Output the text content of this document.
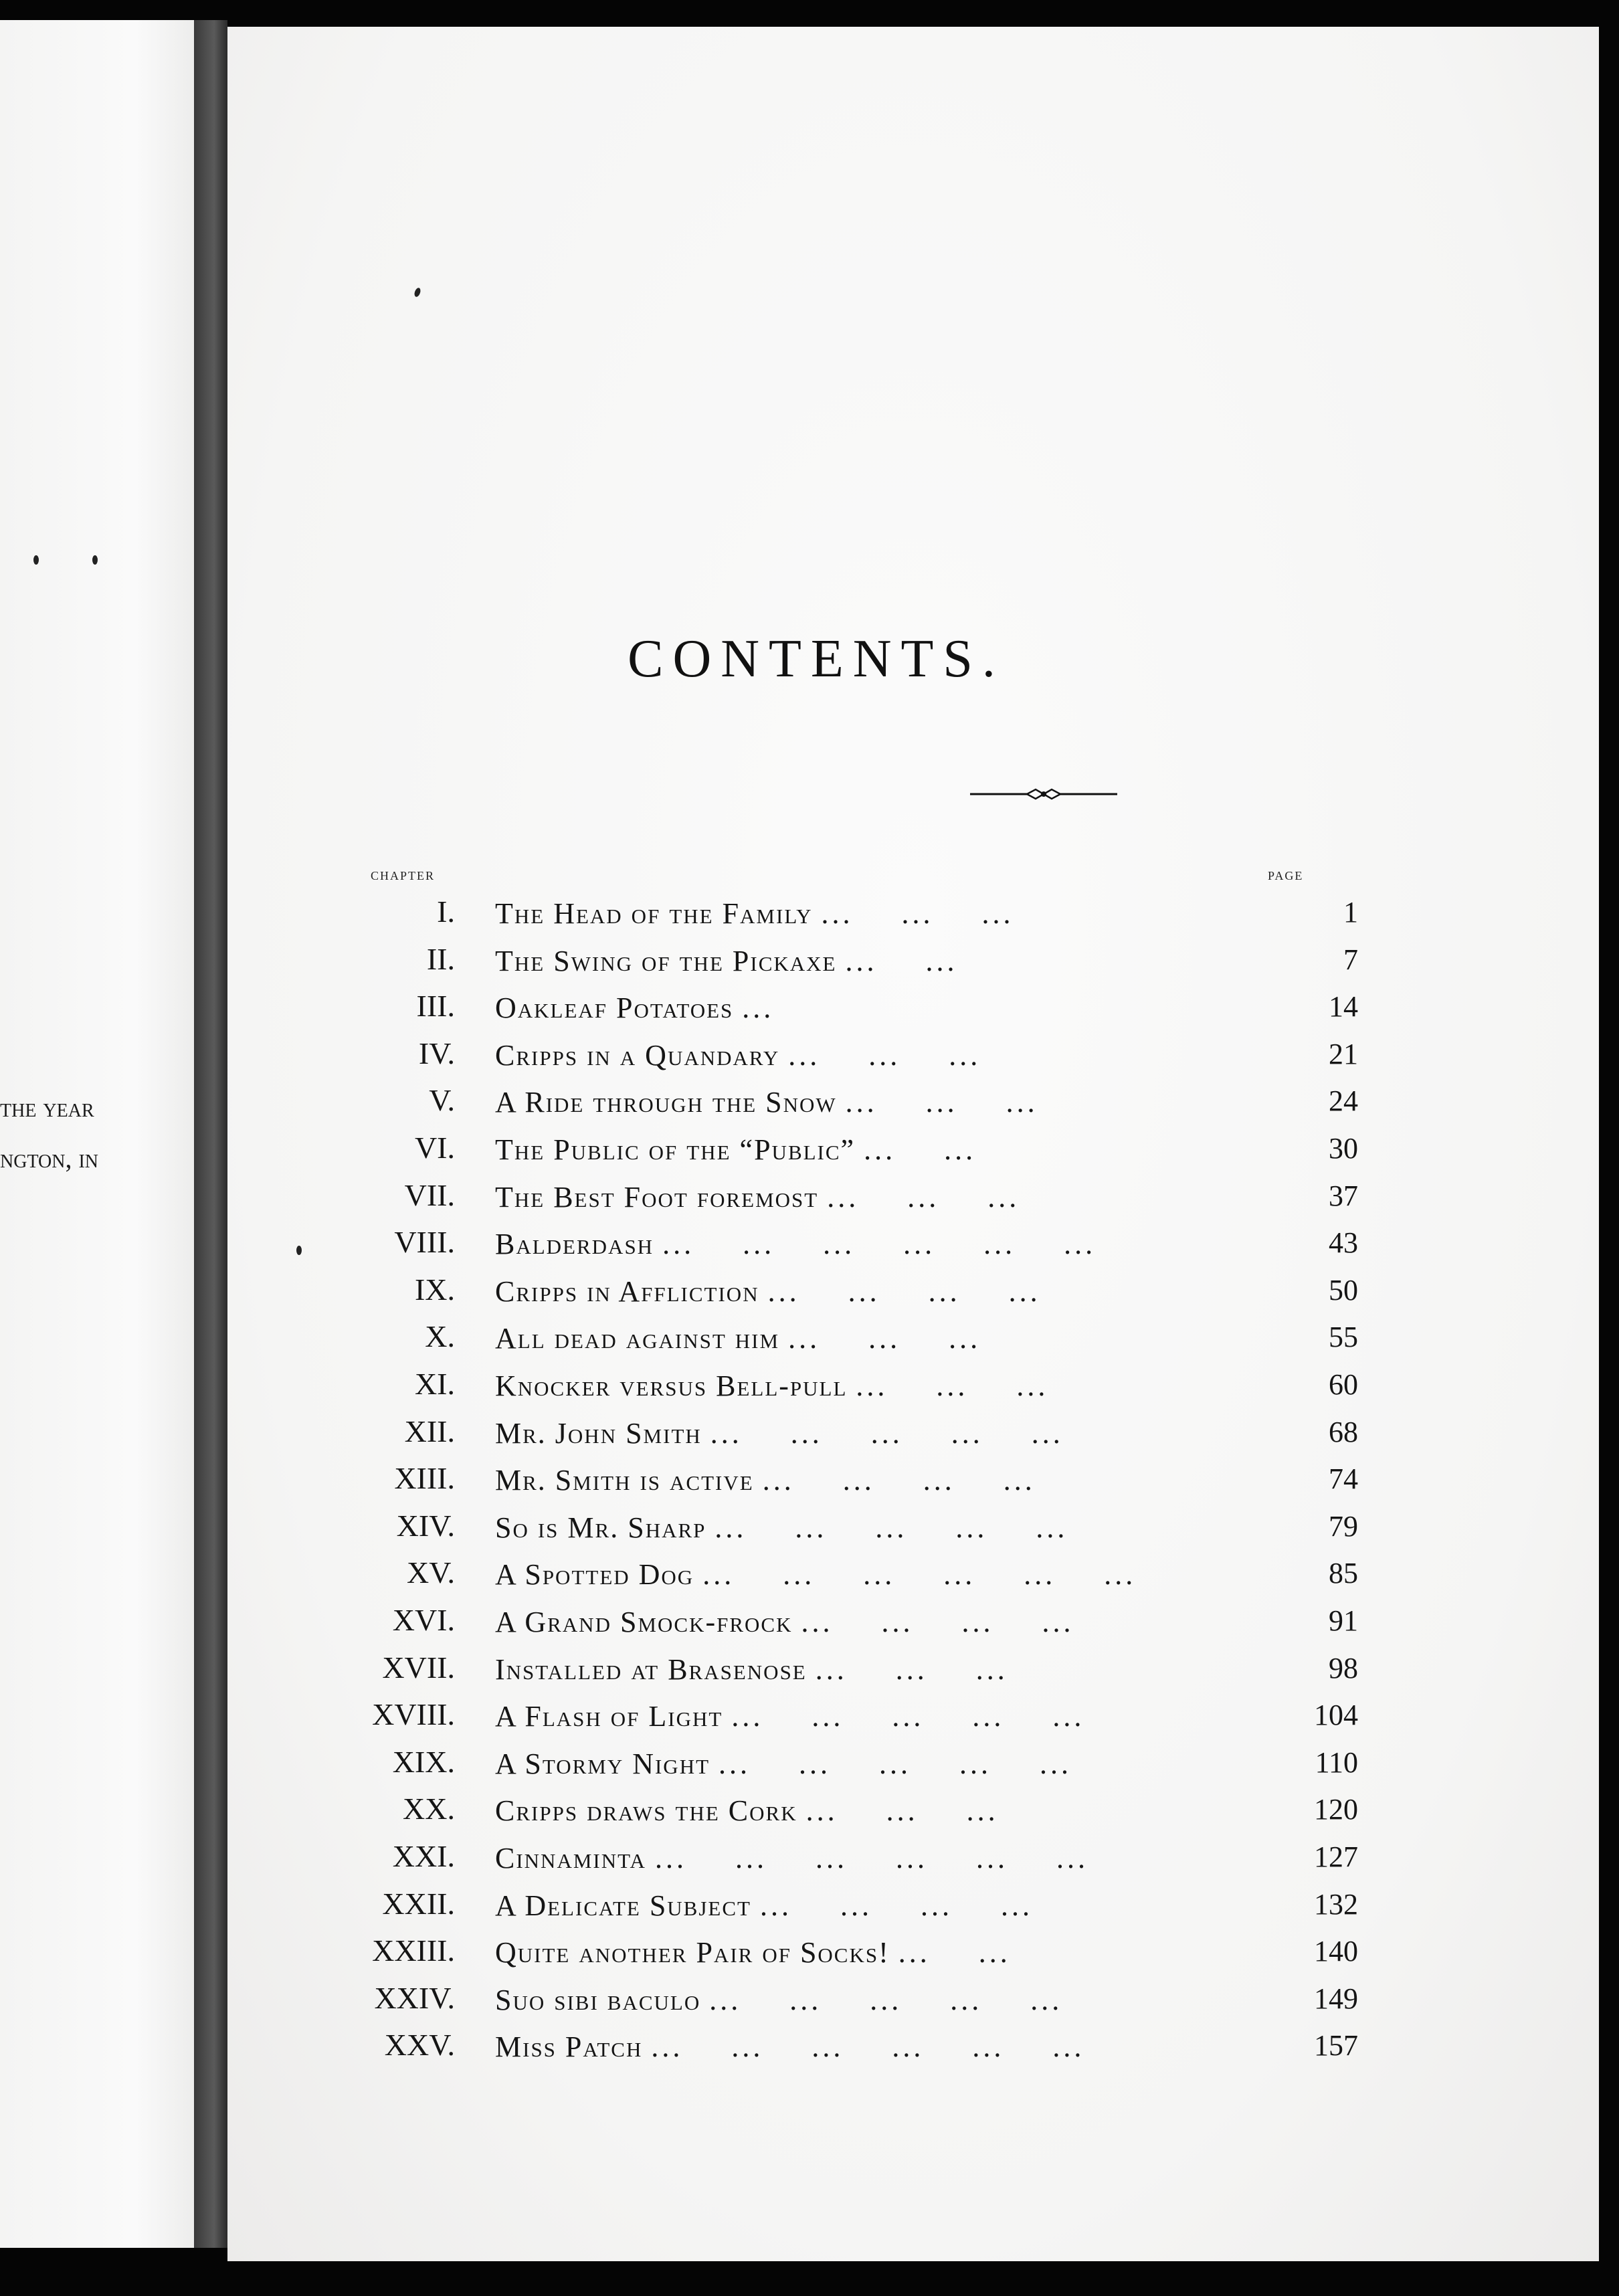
the year
ngton, in
CONTENTS.
chapter	page
I. The Head of the Family ... ... ...	1
II. The Swing of the Pickaxe ... ...	7
III. Oakleaf Potatoes ...	14
IV. Cripps in a Quandary ... ... ...	21
V. A Ride through the Snow ... ... ...	24
VI. The Public of the “Public” ... ...	30
VII. The Best Foot foremost ... ... ...	37
VIII. Balderdash ... ... ... ... ... ...	43
IX. Cripps in Affliction ... ... ... ...	50
X. All dead against him ... ... ...	55
XI. Knocker versus Bell-pull ... ... ...	60
XII. Mr. John Smith ... ... ... ... ...	68
XIII. Mr. Smith is active ... ... ... ...	74
XIV. So is Mr. Sharp ... ... ... ... ...	79
XV. A Spotted Dog ... ... ... ... ... ...	85
XVI. A Grand Smock-frock ... ... ... ...	91
XVII. Installed at Brasenose ... ... ...	98
XVIII. A Flash of Light ... ... ... ... ...	104
XIX. A Stormy Night ... ... ... ... ...	110
XX. Cripps draws the Cork ... ... ...	120
XXI. Cinnaminta ... ... ... ... ... ...	127
XXII. A Delicate Subject ... ... ... ...	132
XXIII. Quite another Pair of Socks! ... ...	140
XXIV. Suo sibi baculo ... ... ... ... ...	149
XXV. Miss Patch ... ... ... ... ... ...	157
